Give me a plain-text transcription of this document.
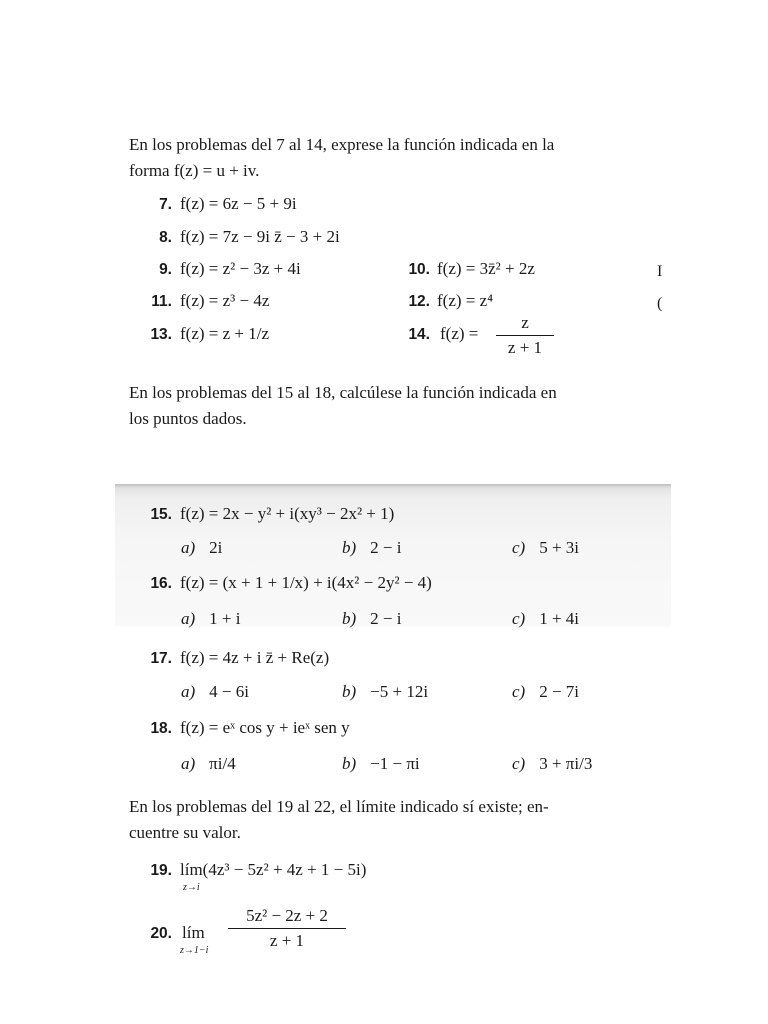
En los problemas del 7 al 14, exprese la función indicada en la
forma f(z) = u + iv.
7. f(z) = 6z − 5 + 9i
8. f(z) = 7z − 9i z̄ − 3 + 2i
9. f(z) = z² − 3z + 4i	10. f(z) = 3z̄² + 2z
11. f(z) = z³ − 4z	12. f(z) = z⁴
13. f(z) = z + 1/z	14. f(z) =
z
z + 1
En los problemas del 15 al 18, calcúlese la función indicada en
los puntos dados.
15. f(z) = 2x − y² + i(xy³ − 2x² + 1)
a) 2i	b) 2 − i	c) 5 + 3i
16. f(z) = (x + 1 + 1/x) + i(4x² − 2y² − 4)
a) 1 + i	b) 2 − i	c) 1 + 4i
17. f(z) = 4z + i z̄ + Re(z)
a) 4 − 6i	b) −5 + 12i	c) 2 − 7i
18. f(z) = eˣ cos y + ieˣ sen y
a) πi/4	b) −1 − πi	c) 3 + πi/3
En los problemas del 19 al 22, el límite indicado sí existe; en-
cuentre su valor.
19. lím(4z³ − 5z² + 4z + 1 − 5i)
z→i
20. lím
z→1−i
5z² − 2z + 2
z + 1
I
(
